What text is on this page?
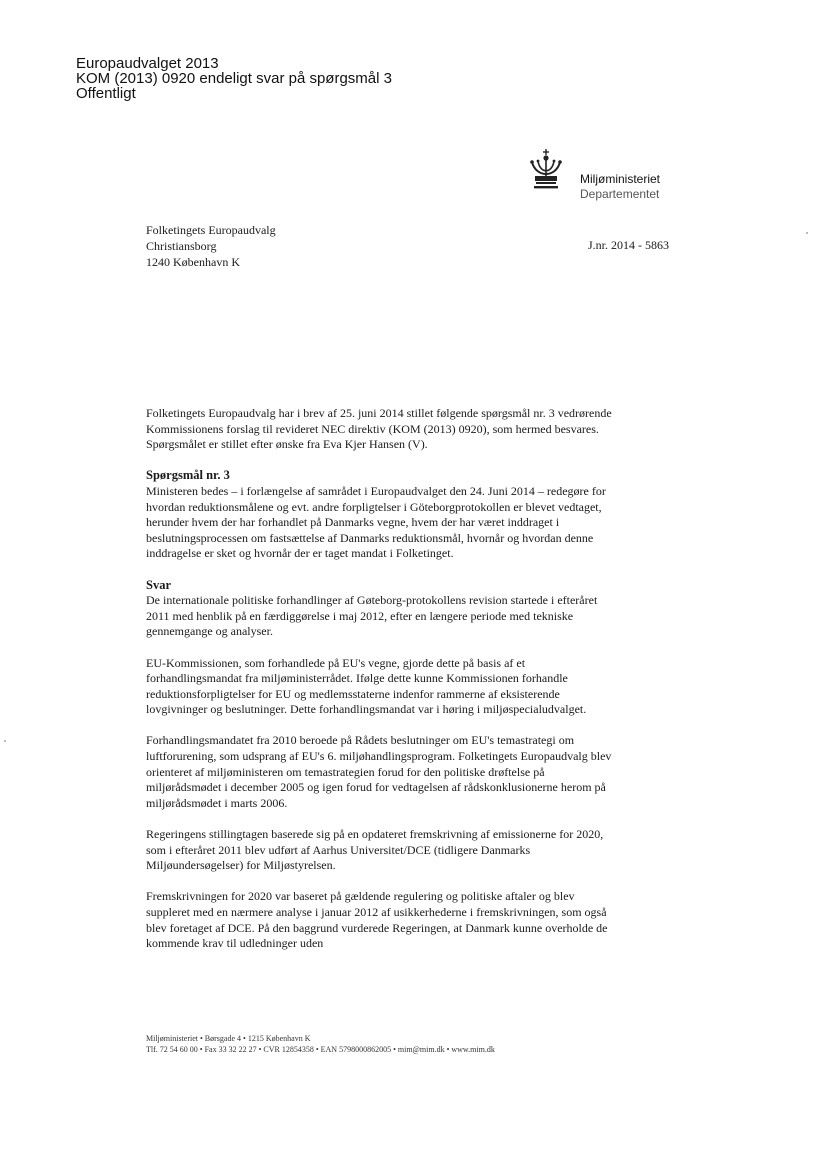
Europaudvalget 2013
KOM (2013) 0920 endeligt svar på spørgsmål 3
Offentligt
Miljøministeriet
Departementet
Folketingets Europaudvalg
Christiansborg
1240 København K
J.nr. 2014 - 5863

Folketingets Europaudvalg har i brev af 25. juni 2014 stillet følgende spørgsmål nr. 3 vedrørende Kommissionens forslag til revideret NEC direktiv (KOM (2013) 0920), som hermed besvares. Spørgsmålet er stillet efter ønske fra Eva Kjer Hansen (V).

Spørgsmål nr. 3

Ministeren bedes – i forlængelse af samrådet i Europaudvalget den 24. Juni 2014 – redegøre for hvordan reduktionsmålene og evt. andre forpligtelser i Göteborgprotokollen er blevet vedtaget, herunder hvem der har forhandlet på Danmarks vegne, hvem der har været inddraget i beslutningsprocessen om fastsættelse af Danmarks reduktionsmål, hvornår og hvordan denne inddragelse er sket og hvornår der er taget mandat i Folketinget.

Svar

De internationale politiske forhandlinger af Gøteborg-protokollens revision startede i efteråret 2011 med henblik på en færdiggørelse i maj 2012, efter en længere periode med tekniske gennemgange og analyser.

EU-Kommissionen, som forhandlede på EU's vegne, gjorde dette på basis af et forhandlingsmandat fra miljøministerrådet. Ifølge dette kunne Kommissionen forhandle reduktionsforpligtelser for EU og medlemsstaterne indenfor rammerne af eksisterende lovgivninger og beslutninger. Dette forhandlingsmandat var i høring i miljøspecialudvalget.

Forhandlingsmandatet fra 2010 beroede på Rådets beslutninger om EU's temastrategi om luftforurening, som udsprang af EU's 6. miljøhandlingsprogram. Folketingets Europaudvalg blev orienteret af miljøministeren om temastrategien forud for den politiske drøftelse på miljørådsmødet i december 2005 og igen forud for vedtagelsen af rådskonklusionerne herom på miljørådsmødet i marts 2006.

Regeringens stillingtagen baserede sig på en opdateret fremskrivning af emissionerne for 2020, som i efteråret 2011 blev udført af Aarhus Universitet/DCE (tidligere Danmarks Miljøundersøgelser) for Miljøstyrelsen.

Fremskrivningen for 2020 var baseret på gældende regulering og politiske aftaler og blev suppleret med en nærmere analyse i januar 2012 af usikkerhederne i fremskrivningen, som også blev foretaget af DCE. På den baggrund vurderede Regeringen, at Danmark kunne overholde de kommende krav til udledninger uden

Miljøministeriet • Børsgade 4 • 1215 København K
Tlf. 72 54 60 00 • Fax 33 32 22 27 • CVR 12854358 • EAN 5798000862005 • mim@mim.dk • www.mim.dk
